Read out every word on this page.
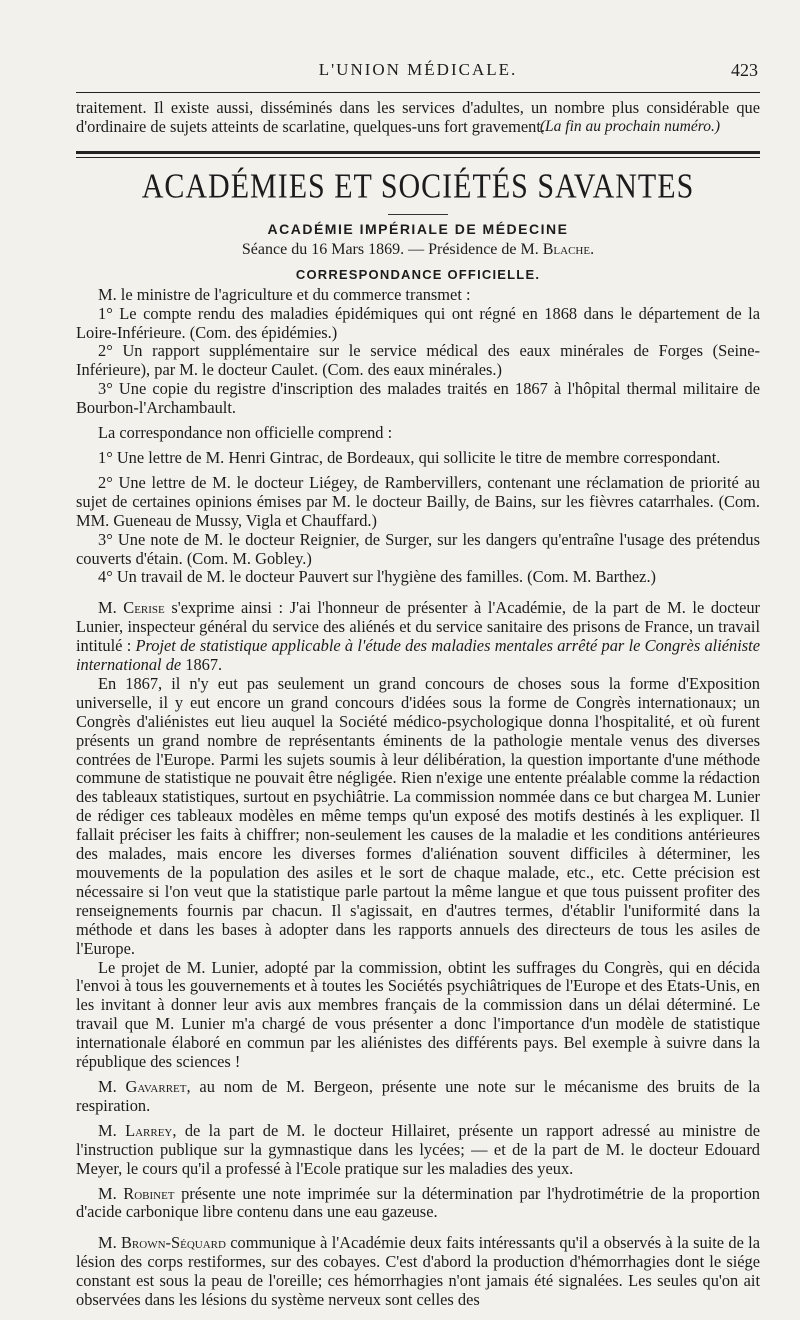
L'UNION MÉDICALE.	423

traitement. Il existe aussi, disséminés dans les services d'adultes, un nombre plus considérable que d'ordinaire de sujets atteints de scarlatine, quelques-uns fort gravement.

(La fin au prochain numéro.)

ACADÉMIES ET SOCIÉTÉS SAVANTES
ACADÉMIE IMPÉRIALE DE MÉDECINE
Séance du 16 Mars 1869. — Présidence de M. Blache.
CORRESPONDANCE OFFICIELLE.

M. le ministre de l'agriculture et du commerce transmet :

1° Le compte rendu des maladies épidémiques qui ont régné en 1868 dans le département de la Loire-Inférieure. (Com. des épidémies.)

2° Un rapport supplémentaire sur le service médical des eaux minérales de Forges (Seine-Inférieure), par M. le docteur Caulet. (Com. des eaux minérales.)

3° Une copie du registre d'inscription des malades traités en 1867 à l'hôpital thermal militaire de Bourbon-l'Archambault.

La correspondance non officielle comprend :

1° Une lettre de M. Henri Gintrac, de Bordeaux, qui sollicite le titre de membre correspondant.

2° Une lettre de M. le docteur Liégey, de Rambervillers, contenant une réclamation de priorité au sujet de certaines opinions émises par M. le docteur Bailly, de Bains, sur les fièvres catarrhales. (Com. MM. Gueneau de Mussy, Vigla et Chauffard.)

3° Une note de M. le docteur Reignier, de Surger, sur les dangers qu'entraîne l'usage des prétendus couverts d'étain. (Com. M. Gobley.)

4° Un travail de M. le docteur Pauvert sur l'hygiène des familles. (Com. M. Barthez.)

M. Cerise s'exprime ainsi : J'ai l'honneur de présenter à l'Académie, de la part de M. le docteur Lunier, inspecteur général du service des aliénés et du service sanitaire des prisons de France, un travail intitulé : Projet de statistique applicable à l'étude des maladies mentales arrêté par le Congrès aliéniste international de 1867.

En 1867, il n'y eut pas seulement un grand concours de choses sous la forme d'Exposition universelle, il y eut encore un grand concours d'idées sous la forme de Congrès internationaux; un Congrès d'aliénistes eut lieu auquel la Société médico-psychologique donna l'hospitalité, et où furent présents un grand nombre de représentants éminents de la pathologie mentale venus des diverses contrées de l'Europe. Parmi les sujets soumis à leur délibération, la question importante d'une méthode commune de statistique ne pouvait être négligée. Rien n'exige une entente préalable comme la rédaction des tableaux statistiques, surtout en psychiâtrie. La commission nommée dans ce but chargea M. Lunier de rédiger ces tableaux modèles en même temps qu'un exposé des motifs destinés à les expliquer. Il fallait préciser les faits à chiffrer; non-seulement les causes de la maladie et les conditions antérieures des malades, mais encore les diverses formes d'aliénation souvent difficiles à déterminer, les mouvements de la population des asiles et le sort de chaque malade, etc., etc. Cette précision est nécessaire si l'on veut que la statistique parle partout la même langue et que tous puissent profiter des renseignements fournis par chacun. Il s'agissait, en d'autres termes, d'établir l'uniformité dans la méthode et dans les bases à adopter dans les rapports annuels des directeurs de tous les asiles de l'Europe.

Le projet de M. Lunier, adopté par la commission, obtint les suffrages du Congrès, qui en décida l'envoi à tous les gouvernements et à toutes les Sociétés psychiâtriques de l'Europe et des Etats-Unis, en les invitant à donner leur avis aux membres français de la commission dans un délai déterminé. Le travail que M. Lunier m'a chargé de vous présenter a donc l'importance d'un modèle de statistique internationale élaboré en commun par les aliénistes des différents pays. Bel exemple à suivre dans la république des sciences !

M. Gavarret, au nom de M. Bergeon, présente une note sur le mécanisme des bruits de la respiration.

M. Larrey, de la part de M. le docteur Hillairet, présente un rapport adressé au ministre de l'instruction publique sur la gymnastique dans les lycées; — et de la part de M. le docteur Edouard Meyer, le cours qu'il a professé à l'Ecole pratique sur les maladies des yeux.

M. Robinet présente une note imprimée sur la détermination par l'hydrotimétrie de la proportion d'acide carbonique libre contenu dans une eau gazeuse.

M. Brown-Séquard communique à l'Académie deux faits intéressants qu'il a observés à la suite de la lésion des corps restiformes, sur des cobayes. C'est d'abord la production d'hémorrhagies dont le siége constant est sous la peau de l'oreille; ces hémorrhagies n'ont jamais été signalées. Les seules qu'on ait observées dans les lésions du système nerveux sont celles des
